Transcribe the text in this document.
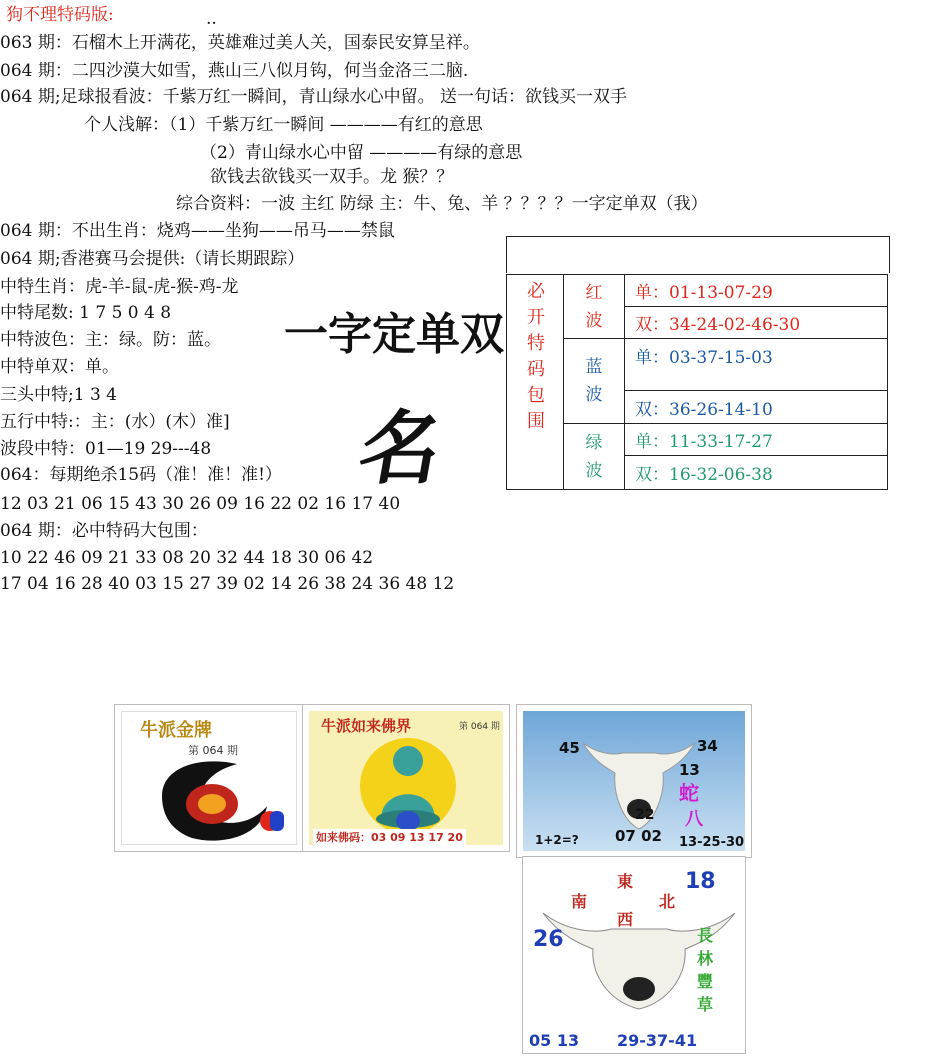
狗不理特码版:	..
063 期：石榴木上开满花，英雄难过美人关，国泰民安算呈祥。
064 期：二四沙漠大如雪，燕山三八似月钩，何当金洛三二脑.
064 期;足球报看波：千紫万红一瞬间，青山绿水心中留。 送一句话：欲钱买一双手
个人浅解：（1）千紫万红一瞬间 ————有红的意思
（2）青山绿水心中留 ————有绿的意思
欲钱去欲钱买一双手。龙 猴？？
综合资料：一波 主红 防绿 主：牛、兔、羊 ？？？？一字定单双（我）
064 期：不出生肖：烧鸡——坐狗——吊马——禁鼠
064 期;香港赛马会提供:（请长期跟踪）
中特生肖：虎-羊-鼠-虎-猴-鸡-龙
中特尾数: 1 7 5 0 4 8
中特波色：主：绿。防：蓝。
中特单双：单。
三头中特;1 3 4
五行中特:：主：(水）(木）准]
波段中特：01—19 29---48
064：每期绝杀15码（准！准！准!）
12 03 21 06 15 43 30 26 09 16 22 02 16 17 40
064 期：必中特码大包围：
10 22 46 09 21 33 08 20 32 44 18 30 06 42
17 04 16 28 40 03 15 27 39 02 14 26 38 24 36 48 12
一字定单双
名
必开特码包围	红波	单：01-13-07-29
		双：34-24-02-46-30

	蓝波	单：03-37-15-03
		双：36-26-14-10

	绿波	单：11-33-17-27
		双：16-32-06-38
牛派金牌
第 064 期
牛派如来佛界	第 064 期
如来佛码：03 09 13 17 20
45	34
13
蛇
八
22
07 02
1+2=?	13-25-30
東
南	北
西
18
26	長林豐草
05 13 29-37-41
